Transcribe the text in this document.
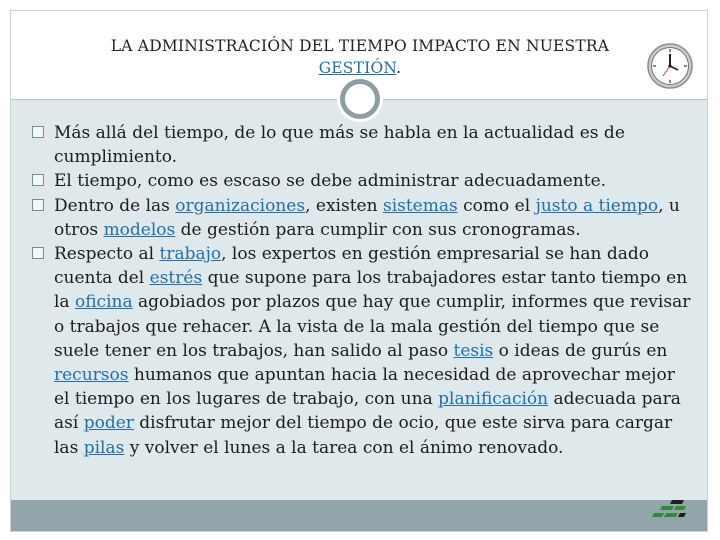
LA ADMINISTRACIÓN DEL TIEMPO IMPACTO EN NUESTRA
GESTIÓN.

Más allá del tiempo, de lo que más se habla en la actualidad es de cumplimiento.

El tiempo, como es escaso se debe administrar adecuadamente.

Dentro de las organizaciones, existen sistemas como el justo a tiempo, u otros modelos de gestión para cumplir con sus cronogramas.

Respecto al trabajo, los expertos en gestión empresarial se han dado cuenta del estrés que supone para los trabajadores estar tanto tiempo en la oficina agobiados por plazos que hay que cumplir, informes que revisar o trabajos que rehacer. A la vista de la mala gestión del tiempo que se suele tener en los trabajos, han salido al paso tesis o ideas de gurús en recursos humanos que apuntan hacia la necesidad de aprovechar mejor el tiempo en los lugares de trabajo, con una planificación adecuada para así poder disfrutar mejor del tiempo de ocio, que este sirva para cargar las pilas y volver el lunes a la tarea con el ánimo renovado.
